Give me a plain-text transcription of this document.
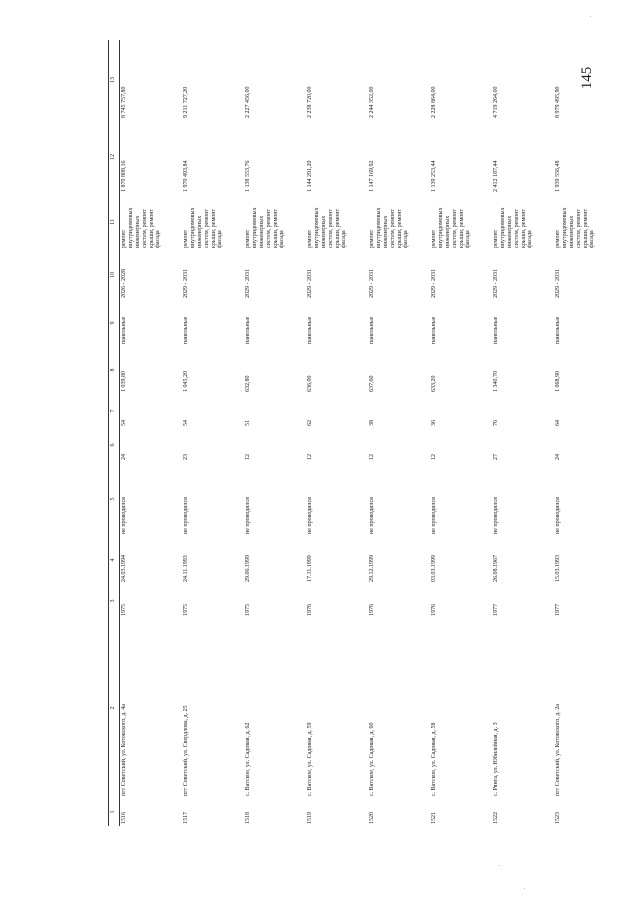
145
1	2	3	4	5	6	7	8	9	10	11	12	13
1516	пгт Советский, ул. Котовского, д. 4а	1975	24.03.1994	не проводился	24	54	1 039,80	панельные	2026 - 2028	ремонт внутридомовых инженерных систем, ремонт крыши, ремонт фасада	1 870 808,16	8 745 757,80
1517	пгт Советский, ул. Свердлова, д. 25	1975	24.11.1993	не проводился	23	54	1 045,20	панельные	2029 - 2031	ремонт внутридомовых инженерных систем, ремонт крыши, ремонт фасада	1 970 493,84	9 211 727,20
1518	с. Ватское, ул. Садовая, д. 62	1975	29.06.1999	не проводился	12	51	632,80	панельные	2029 - 2031	ремонт внутридомовых инженерных систем, ремонт крыши, ремонт фасада	1 138 553,76	2 227 456,00
1519	с. Ватское, ул. Садовая, д. 59	1976	17.11.1999	не проводился	12	62	636,00	панельные	2029 - 2031	ремонт внутридомовых инженерных систем, ремонт крыши, ремонт фасада	1 144 291,20	2 238 720,00
1520	с. Ватское, ул. Садовая, д. 60	1976	29.12.1999	не проводился	12	38	637,60	панельные	2029 - 2031	ремонт внутридомовых инженерных систем, ремонт крыши, ремонт фасада	1 147 169,92	2 244 352,00
1521	с. Ватское, ул. Садовая, д. 58	1976	03.03.1999	не проводился	12	36	633,20	панельные	2029 - 2031	ремонт внутридомовых инженерных систем, ремонт крыши, ремонт фасада	1 139 253,44	2 228 864,00
1522	с. Рянга, ул. Юбилейная, д. 3	1977	26.08.1967	не проводился	27	76	1 340,70	панельные	2029 - 2031	ремонт внутридомовых инженерных систем, ремонт крыши, ремонт фасада	2 412 187,44	4 719 264,00
1523	пгт Советский, ул. Котовского, д. 2а	1977	15.03.1993	не проводился	24	64	1 068,90	панельные	2029 - 2031	ремонт внутридомовых инженерных систем, ремонт крыши, ремонт фасада	1 939 556,48	8 979 495,90
